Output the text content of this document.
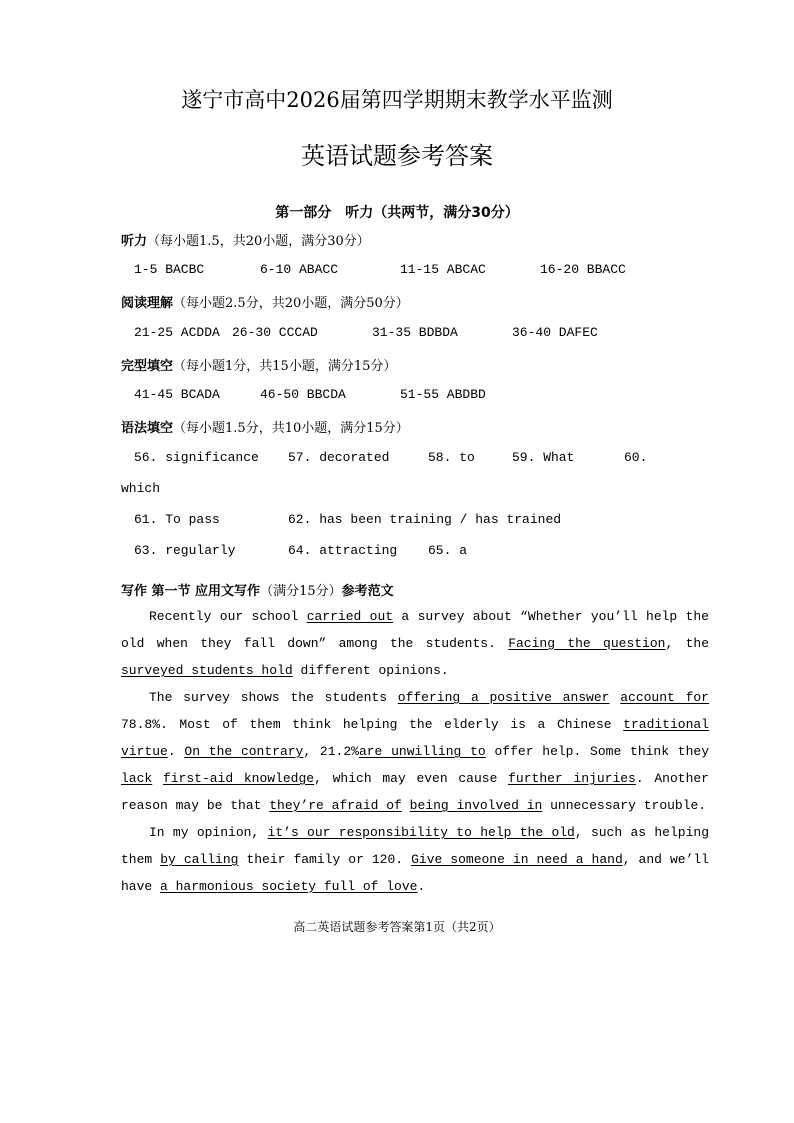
遂宁市高中2026届第四学期期末教学水平监测
英语试题参考答案
第一部分　听力（共两节，满分30分）
听力（每小题1.5，共20小题，满分30分）
1-5 BACBC	6-10 ABACC	11-15 ABCAC	16-20 BBACC
阅读理解（每小题2.5分，共20小题，满分50分）
21-25 ACDDA 26-30 CCCAD	31-35 BDBDA	36-40 DAFEC
完型填空（每小题1分，共15小题，满分15分）
41-45 BCADA	46-50 BBCDA	51-55 ABDBD
语法填空（每小题1.5分，共10小题，满分15分）
56. significance 57. decorated	58. to	59. What	60.
which
61. To pass	62. has been training / has trained
63. regularly	64. attracting 65. a
写作 第一节 应用文写作（满分15分）参考范文
Recently our school carried out a survey about “Whether you’ll help the old when they fall down” among the students. Facing the question, the surveyed students hold different opinions.
The survey shows the students offering a positive answer account for 78.8%. Most of them think helping the elderly is a Chinese traditional virtue. On the contrary, 21.2%are unwilling to offer help. Some think they lack first-aid knowledge, which may even cause further injuries. Another reason may be that they’re afraid of being involved in unnecessary trouble.
In my opinion, it’s our responsibility to help the old, such as helping them by calling their family or 120. Give someone in need a hand, and we’ll have a harmonious society full of love.
高二英语试题参考答案第1页（共2页）
